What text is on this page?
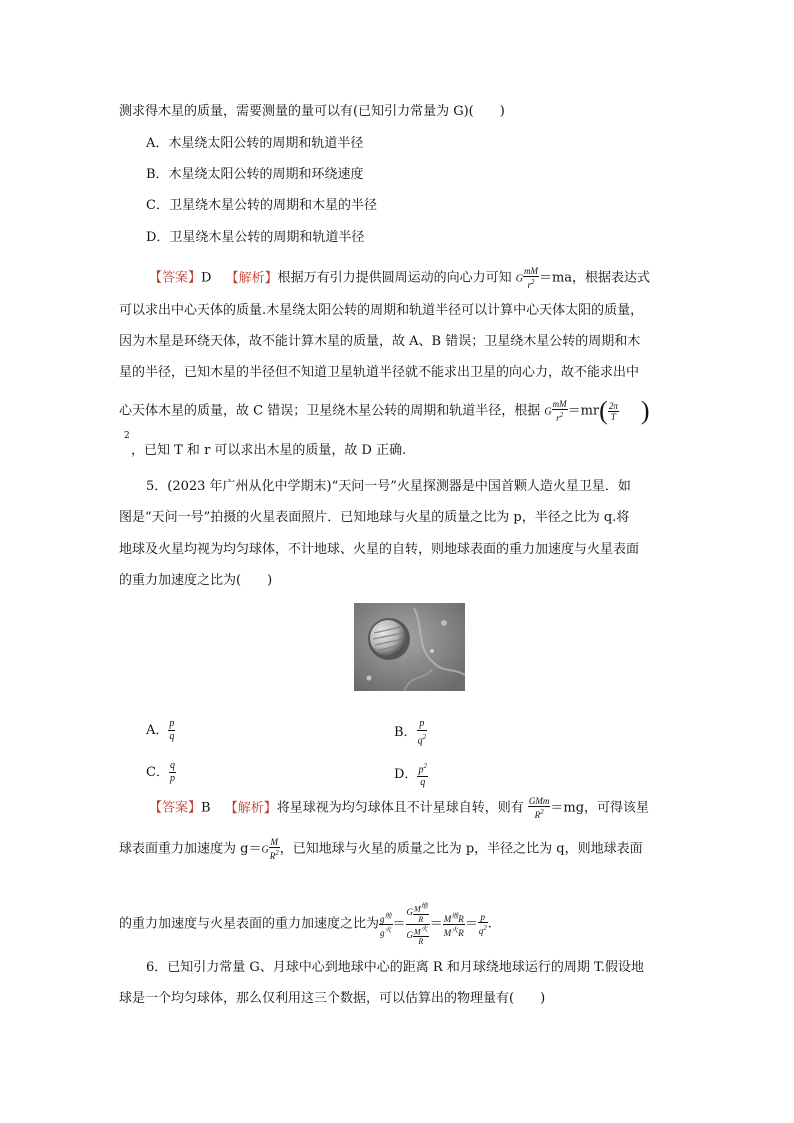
测求得木星的质量，需要测量的量可以有(已知引力常量为 G)(　　)
A．木星绕太阳公转的周期和轨道半径
B．木星绕太阳公转的周期和环绕速度
C．卫星绕木星公转的周期和木星的半径
D．卫星绕木星公转的周期和轨道半径
【答案】D 【解析】根据万有引力提供圆周运动的向心力可知 G $\frac{mM}{r^2} =ma$，根据表达式
可以求出中心天体的质量.木星绕太阳公转的周期和轨道半径可以计算中心天体太阳的质量，
因为木星是环绕天体，故不能计算木星的质量，故 A、B 错误；卫星绕木星公转的周期和木
星的半径，已知木星的半径但不知道卫星轨道半径就不能求出卫星的向心力，故不能求出中
心天体木星的质量，故 C 错误；卫星绕木星公转的周期和轨道半径，根据 G $\frac{mM}{r^2} =mr( \frac{2\pi}{T}$ )
2
，已知 T 和 r 可以求出木星的质量，故 D 正确.
5．(2023 年广州从化中学期末)“天问一号”火星探测器是中国首颗人造火星卫星．如
图是“天问一号”拍摄的火星表面照片．已知地球与火星的质量之比为 p，半径之比为 q.将
地球及火星均视为均匀球体，不计地球、火星的自转，则地球表面的重力加速度与火星表面
的重力加速度之比为(　　)
A． $\frac{p}{q}$	B． $\frac{p}{q^2}$
C． $\frac{q}{p}$	D． $\frac{p^2}{q}$
【答案】B 【解析】将星球视为均匀球体且不计星球自转，则有 $\frac{\text{GMm}}{R^2} =mg$，可得该星
球表面重力加速度为 $g=G \frac{M}{R^2}$ ，已知地球与火星的质量之比为 p，半径之比为 q，则地球表面
的重力加速度与火星表面的重力加速度之比为 $\frac{g^地}{g^火} = \frac{G \frac{\text{M地}}{R}}{G \frac{\text{M火}}{R}} = \frac{M^地R}{M^火R} = \frac{p}{q^2}$ .
6．已知引力常量 G、月球中心到地球中心的距离 R 和月球绕地球运行的周期 T.假设地
球是一个均匀球体，那么仅利用这三个数据，可以估算出的物理量有(　　)
